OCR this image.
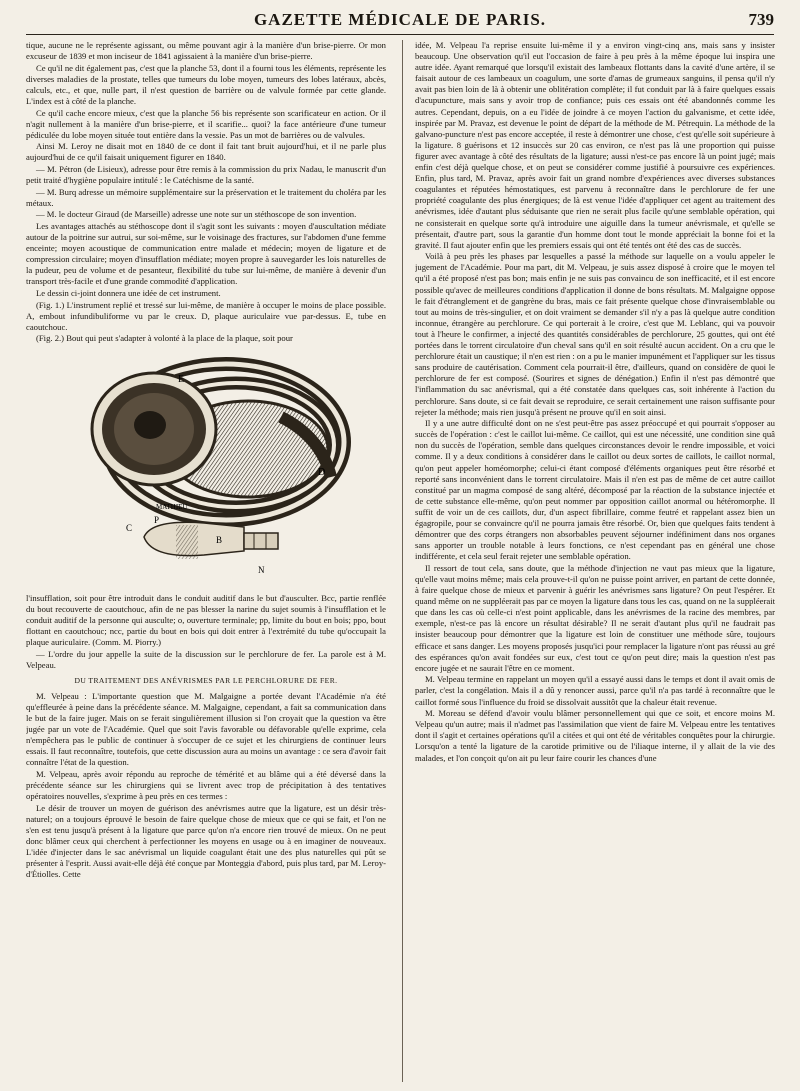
GAZETTE MÉDICALE DE PARIS.	739

tique, aucune ne le représente agissant, ou même pouvant agir à la manière d'un brise-pierre. Or mon excuseur de 1839 et mon inciseur de 1841 agissaient à la manière d'un brise-pierre.

Ce qu'il ne dit également pas, c'est que la planche 53, dont il a fourni tous les éléments, représente les diverses maladies de la prostate, telles que tumeurs du lobe moyen, tumeurs des lobes latéraux, abcès, calculs, etc., et que, nulle part, il n'est question de barrière ou de valvule formée par cette glande. L'index est à côté de la planche.

Ce qu'il cache encore mieux, c'est que la planche 56 bis représente son scarificateur en action. Or il n'agit nullement à la manière d'un brise-pierre, et il scarifie... quoi? la face antérieure d'une tumeur pédiculée du lobe moyen située tout entière dans la vessie. Pas un mot de barrières ou de valvules.

Ainsi M. Leroy ne disait mot en 1840 de ce dont il fait tant bruit aujourd'hui, et il ne parle plus aujourd'hui de ce qu'il faisait uniquement figurer en 1840.

— M. Pétron (de Lisieux), adresse pour être remis à la commission du prix Nadau, le manuscrit d'un petit traité d'hygiène populaire intitulé : le Catéchisme de la santé.

— M. Burq adresse un mémoire supplémentaire sur la préservation et le traitement du choléra par les métaux.

— M. le docteur Giraud (de Marseille) adresse une note sur un stéthoscope de son invention.

Les avantages attachés au stéthoscope dont il s'agit sont les suivants : moyen d'auscultation médiate autour de la poitrine sur autrui, sur soi-même, sur le voisinage des fractures, sur l'abdomen d'une femme enceinte; moyen acoustique de communication entre malade et médecin; moyen de ligature et de compression circulaire; moyen d'insufflation médiate; moyen propre à sauvegarder les lois naturelles de la pudeur, peu de volume et de pesanteur, flexibilité du tube sur lui-même, de manière à devenir d'un transport très-facile et d'une grande commodité d'application.

Le dessin ci-joint donnera une idée de cet instrument.

(Fig. 1.) L'instrument replié et tressé sur lui-même, de manière à occuper le moins de place possible. A, embout infundibuliforme vu par le creux. D, plaque auriculaire vue par-dessus. E, tube en caoutchouc.

(Fig. 2.) Bout qui peut s'adapter à volonté à la place de la plaque, soit pour

E
D
MATHIEU
C
P
B
N

l'insufflation, soit pour être introduit dans le conduit auditif dans le but d'ausculter. Bcc, partie renflée du bout recouverte de caoutchouc, afin de ne pas blesser la narine du sujet soumis à l'insufflation et le conduit auditif de la personne qui ausculte; o, ouverture terminale; pp, limite du bout en bois; ppo, bout flottant en caoutchouc; ncc, partie du bout en bois qui doit entrer à l'extrémité du tube qu'occupait la plaque auriculaire. (Comm. M. Piorry.)

— L'ordre du jour appelle la suite de la discussion sur le perchlorure de fer. La parole est à M. Velpeau.

DU TRAITEMENT DES ANÉVRISMES PAR LE PERCHLORURE DE FER.

M. Velpeau : L'importante question que M. Malgaigne a portée devant l'Académie n'a été qu'effleurée à peine dans la précédente séance. M. Malgaigne, cependant, a fait sa communication dans le but de la faire juger. Mais on se ferait singulièrement illusion si l'on croyait que la question va être jugée par un vote de l'Académie. Quel que soit l'avis favorable ou défavorable qu'elle exprime, cela n'empêchera pas le public de continuer à s'occuper de ce sujet et les chirurgiens de continuer leurs essais. Il faut reconnaître, toutefois, que cette discussion aura au moins un avantage : ce sera d'avoir fait connaître l'état de la question.

M. Velpeau, après avoir répondu au reproche de témérité et au blâme qui a été déversé dans la précédente séance sur les chirurgiens qui se livrent avec trop de précipitation à des tentatives opératoires nouvelles, s'exprime à peu près en ces termes :

Le désir de trouver un moyen de guérison des anévrismes autre que la ligature, est un désir très-naturel; on a toujours éprouvé le besoin de faire quelque chose de mieux que ce qui se fait, et l'on ne s'en est tenu jusqu'à présent à la ligature que parce qu'on n'a encore rien trouvé de mieux. On ne peut donc blâmer ceux qui cherchent à perfectionner les moyens en usage ou à en imaginer de nouveaux. L'idée d'injecter dans le sac anévrismal un liquide coagulant était une des plus naturelles qui pût se présenter à l'esprit. Aussi avait-elle déjà été conçue par Monteggia d'abord, puis plus tard, par M. Leroy-d'Étiolles. Cette

idée, M. Velpeau l'a reprise ensuite lui-même il y a environ vingt-cinq ans, mais sans y insister beaucoup. Une observation qu'il eut l'occasion de faire à peu près à la même époque lui inspira une autre idée. Ayant remarqué que lorsqu'il existait des lambeaux flottants dans la cavité d'une artère, il se faisait autour de ces lambeaux un coagulum, une sorte d'amas de grumeaux sanguins, il pensa qu'il n'y avait pas bien loin de là à obtenir une oblitération complète; il fut conduit par là à faire quelques essais d'acupuncture, mais sans y avoir trop de confiance; puis ces essais ont été abandonnés comme les autres. Cependant, depuis, on a eu l'idée de joindre à ce moyen l'action du galvanisme, et cette idée, inspirée par M. Pravaz, est devenue le point de départ de la méthode de M. Pétrequin. La méthode de la galvano-puncture n'est pas encore acceptée, il reste à démontrer une chose, c'est qu'elle soit supérieure à la ligature. 8 guérisons et 12 insuccès sur 20 cas environ, ce n'est pas là une proportion qui puisse figurer avec avantage à côté des résultats de la ligature; aussi n'est-ce pas encore là un point jugé; mais enfin c'est déjà quelque chose, et on peut se considérer comme justifié à poursuivre ces expériences. Enfin, plus tard, M. Pravaz, après avoir fait un grand nombre d'expériences avec diverses substances coagulantes et réputées hémostatiques, est parvenu à reconnaître dans le perchlorure de fer une propriété coagulante des plus énergiques; de là est venue l'idée d'appliquer cet agent au traitement des anévrismes, idée d'autant plus séduisante que rien ne serait plus facile qu'une semblable opération, qui ne consisterait en quelque sorte qu'à introduire une aiguille dans la tumeur anévrismale, et qu'elle se présentait, d'autre part, sous la garantie d'un homme dont tout le monde appréciait la bonne foi et la gravité. Il faut ajouter enfin que les premiers essais qui ont été tentés ont été des cas de succès.

Voilà à peu près les phases par lesquelles a passé la méthode sur laquelle on a voulu appeler le jugement de l'Académie. Pour ma part, dit M. Velpeau, je suis assez disposé à croire que le moyen tel qu'il a été proposé n'est pas bon; mais enfin je ne suis pas convaincu de son inefficacité, et il est encore possible qu'avec de meilleures conditions d'application il donne de bons résultats. M. Malgaigne oppose le fait d'étranglement et de gangrène du bras, mais ce fait présente quelque chose d'invraisemblable ou tout au moins de très-singulier, et on doit vraiment se demander s'il n'y a pas là quelque autre condition inconnue, étrangère au perchlorure. Ce qui porterait à le croire, c'est que M. Leblanc, qui va pouvoir tout à l'heure le confirmer, a injecté des quantités considérables de perchlorure, 25 gouttes, qui ont été portées dans le torrent circulatoire d'un cheval sans qu'il en soit résulté aucun accident. On a cru que le perchlorure était un caustique; il n'en est rien : on a pu le manier impunément et l'appliquer sur les tissus sans produire de cautérisation. Comment cela pourrait-il être, d'ailleurs, quand on considère de quoi le perchlorure de fer est composé. (Sourires et signes de dénégation.) Enfin il n'est pas démontré que l'inflammation du sac anévrismal, qui a été constatée dans quelques cas, soit inhérente à l'action du perchlorure. Sans doute, si ce fait devait se reproduire, ce serait certainement une raison suffisante pour rejeter la méthode; mais rien jusqu'à présent ne prouve qu'il en soit ainsi.

Il y a une autre difficulté dont on ne s'est peut-être pas assez préoccupé et qui pourrait s'opposer au succès de l'opération : c'est le caillot lui-même. Ce caillot, qui est une nécessité, une condition sine quâ non du succès de l'opération, semble dans quelques circonstances devoir le rendre impossible, et voici comme. Il y a deux conditions à considérer dans le caillot ou deux sortes de caillots, le caillot normal, qu'on peut appeler homéomorphe; celui-ci étant composé d'éléments organiques peut être résorbé et reporté sans inconvénient dans le torrent circulatoire. Mais il n'en est pas de même de cet autre caillot constitué par un magma composé de sang altéré, décomposé par la réaction de la substance injectée et de cette substance elle-même, qu'on peut nommer par opposition caillot anormal ou hétéromorphe. Il suffit de voir un de ces caillots, dur, d'un aspect fibrillaire, comme feutré et rappelant assez bien un égagropile, pour se convaincre qu'il ne pourra jamais être résorbé. Or, bien que quelques faits tendent à démontrer que des corps étrangers non absorbables peuvent séjourner indéfiniment dans nos organes sans apporter un trouble notable à leurs fonctions, ce n'est cependant pas en général une chose indifférente, et cela seul ferait rejeter une semblable opération.

Il ressort de tout cela, sans doute, que la méthode d'injection ne vaut pas mieux que la ligature, qu'elle vaut moins même; mais cela prouve-t-il qu'on ne puisse point arriver, en partant de cette donnée, à faire quelque chose de mieux et parvenir à guérir les anévrismes sans ligature? On peut l'espérer. Et quand même on ne suppléerait pas par ce moyen la ligature dans tous les cas, quand on ne la suppléerait que dans les cas où celle-ci n'est point applicable, dans les anévrismes de la racine des membres, par exemple, n'est-ce pas là encore un résultat désirable? Il ne serait d'autant plus qu'il ne faudrait pas insister beaucoup pour démontrer que la ligature est loin de constituer une méthode sûre, toujours efficace et sans danger. Les moyens proposés jusqu'ici pour remplacer la ligature n'ont pas réussi au gré des espérances qu'on avait fondées sur eux, c'est tout ce qu'on peut dire; mais la question n'est pas encore jugée et ne saurait l'être en ce moment.

M. Velpeau termine en rappelant un moyen qu'il a essayé aussi dans le temps et dont il avait omis de parler, c'est la congélation. Mais il a dû y renoncer aussi, parce qu'il n'a pas tardé à reconnaître que le caillot formé sous l'influence du froid se dissolvait aussitôt que la chaleur était revenue.

M. Moreau se défend d'avoir voulu blâmer personnellement qui que ce soit, et encore moins M. Velpeau qu'un autre; mais il n'admet pas l'assimilation que vient de faire M. Velpeau entre les tentatives dont il s'agit et certaines opérations qu'il a citées et qui ont été de véritables conquêtes pour la chirurgie. Lorsqu'on a tenté la ligature de la carotide primitive ou de l'iliaque interne, il y allait de la vie des malades, et l'on conçoit qu'on ait pu leur faire courir les chances d'une
